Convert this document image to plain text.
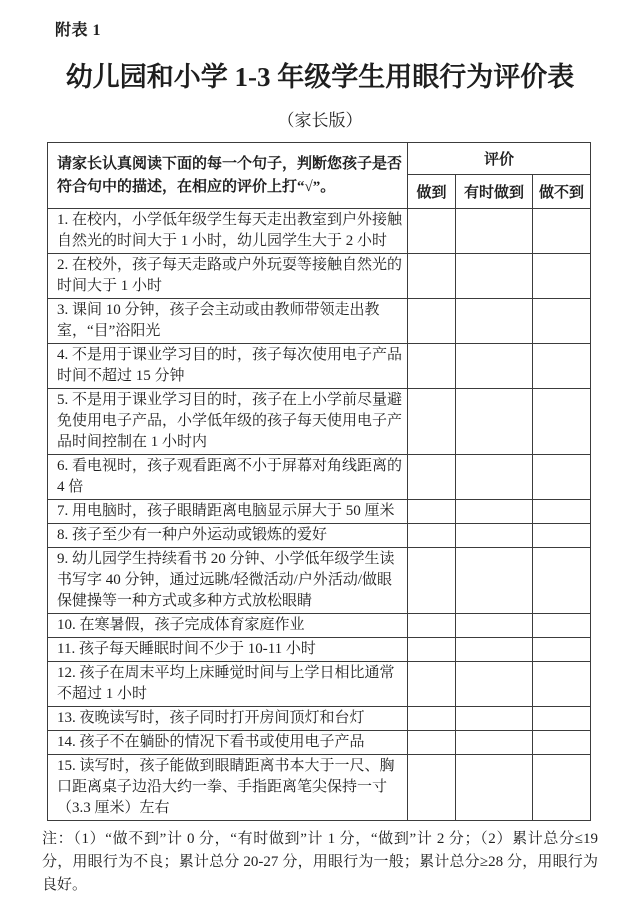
附表 1
幼儿园和小学 1-3 年级学生用眼行为评价表
（家长版）
请家长认真阅读下面的每一个句子，判断您孩子是否符合句中的描述，在相应的评价上打“√”。	评价		
	做到	有时做到	做不到
1. 在校内，小学低年级学生每天走出教室到户外接触自然光的时间大于 1 小时，幼儿园学生大于 2 小时			
2. 在校外，孩子每天走路或户外玩耍等接触自然光的时间大于 1 小时			
3. 课间 10 分钟，孩子会主动或由教师带领走出教室，“目”浴阳光			
4. 不是用于课业学习目的时，孩子每次使用电子产品时间不超过 15 分钟			
5. 不是用于课业学习目的时，孩子在上小学前尽量避免使用电子产品，小学低年级的孩子每天使用电子产品时间控制在 1 小时内			
6. 看电视时，孩子观看距离不小于屏幕对角线距离的 4 倍			
7. 用电脑时，孩子眼睛距离电脑显示屏大于 50 厘米			
8. 孩子至少有一种户外运动或锻炼的爱好			
9. 幼儿园学生持续看书 20 分钟、小学低年级学生读书写字 40 分钟，通过远眺/轻微活动/户外活动/做眼保健操等一种方式或多种方式放松眼睛			
10. 在寒暑假，孩子完成体育家庭作业			
11. 孩子每天睡眠时间不少于 10-11 小时			
12. 孩子在周末平均上床睡觉时间与上学日相比通常不超过 1 小时			
13. 夜晚读写时，孩子同时打开房间顶灯和台灯			
14. 孩子不在躺卧的情况下看书或使用电子产品			
15. 读写时，孩子能做到眼睛距离书本大于一尺、胸口距离桌子边沿大约一拳、手指距离笔尖保持一寸（3.3 厘米）左右			

注：（1）“做不到”计 0 分，“有时做到”计 1 分，“做到”计 2 分；（2）累计总分≤19 分，用眼行为不良；累计总分 20-27 分，用眼行为一般；累计总分≥28 分，用眼行为良好。
